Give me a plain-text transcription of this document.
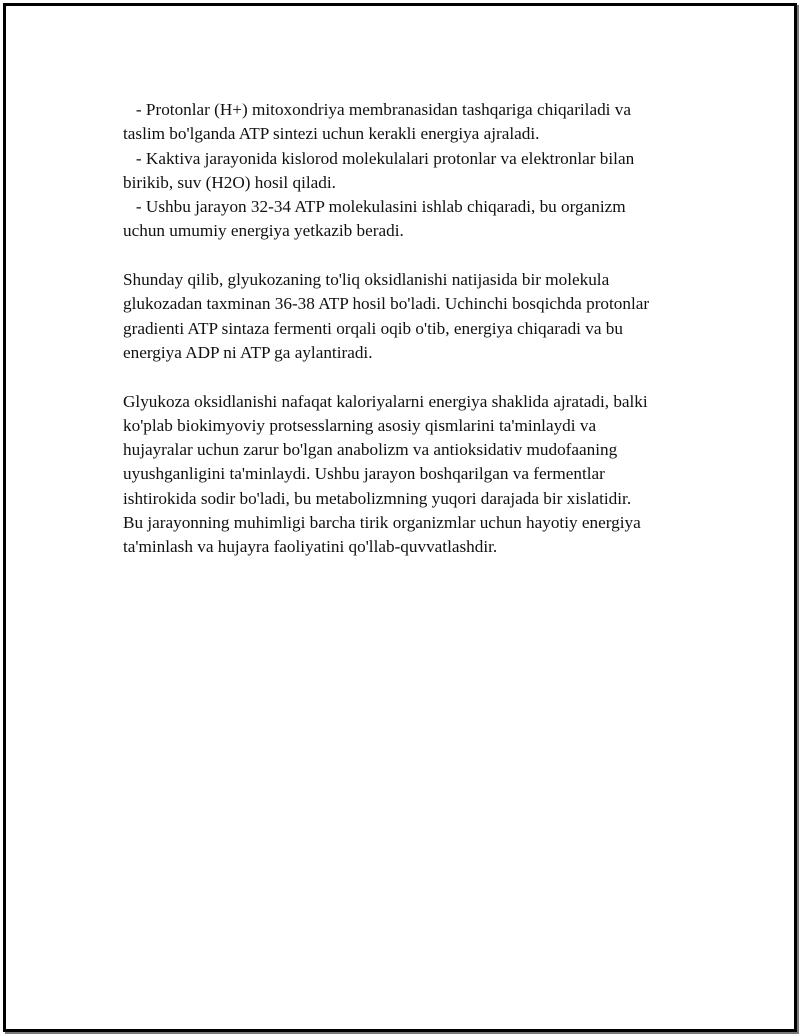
- Protonlar (H+) mitoxondriya membranasidan tashqariga chiqariladi va
taslim bo'lganda ATP sintezi uchun kerakli energiya ajraladi.
- Kaktiva jarayonida kislorod molekulalari protonlar va elektronlar bilan
birikib, suv (H2O) hosil qiladi.
- Ushbu jarayon 32-34 ATP molekulasini ishlab chiqaradi, bu organizm
uchun umumiy energiya yetkazib beradi.
Shunday qilib, glyukozaning to'liq oksidlanishi natijasida bir molekula
glukozadan taxminan 36-38 ATP hosil bo'ladi. Uchinchi bosqichda protonlar
gradienti ATP sintaza fermenti orqali oqib o'tib, energiya chiqaradi va bu
energiya ADP ni ATP ga aylantiradi.
Glyukoza oksidlanishi nafaqat kaloriyalarni energiya shaklida ajratadi, balki
ko'plab biokimyoviy protsesslarning asosiy qismlarini ta'minlaydi va
hujayralar uchun zarur bo'lgan anabolizm va antioksidativ mudofaaning
uyushganligini ta'minlaydi. Ushbu jarayon boshqarilgan va fermentlar
ishtirokida sodir bo'ladi, bu metabolizmning yuqori darajada bir xislatidir.
Bu jarayonning muhimligi barcha tirik organizmlar uchun hayotiy energiya
ta'minlash va hujayra faoliyatini qo'llab-quvvatlashdir.
